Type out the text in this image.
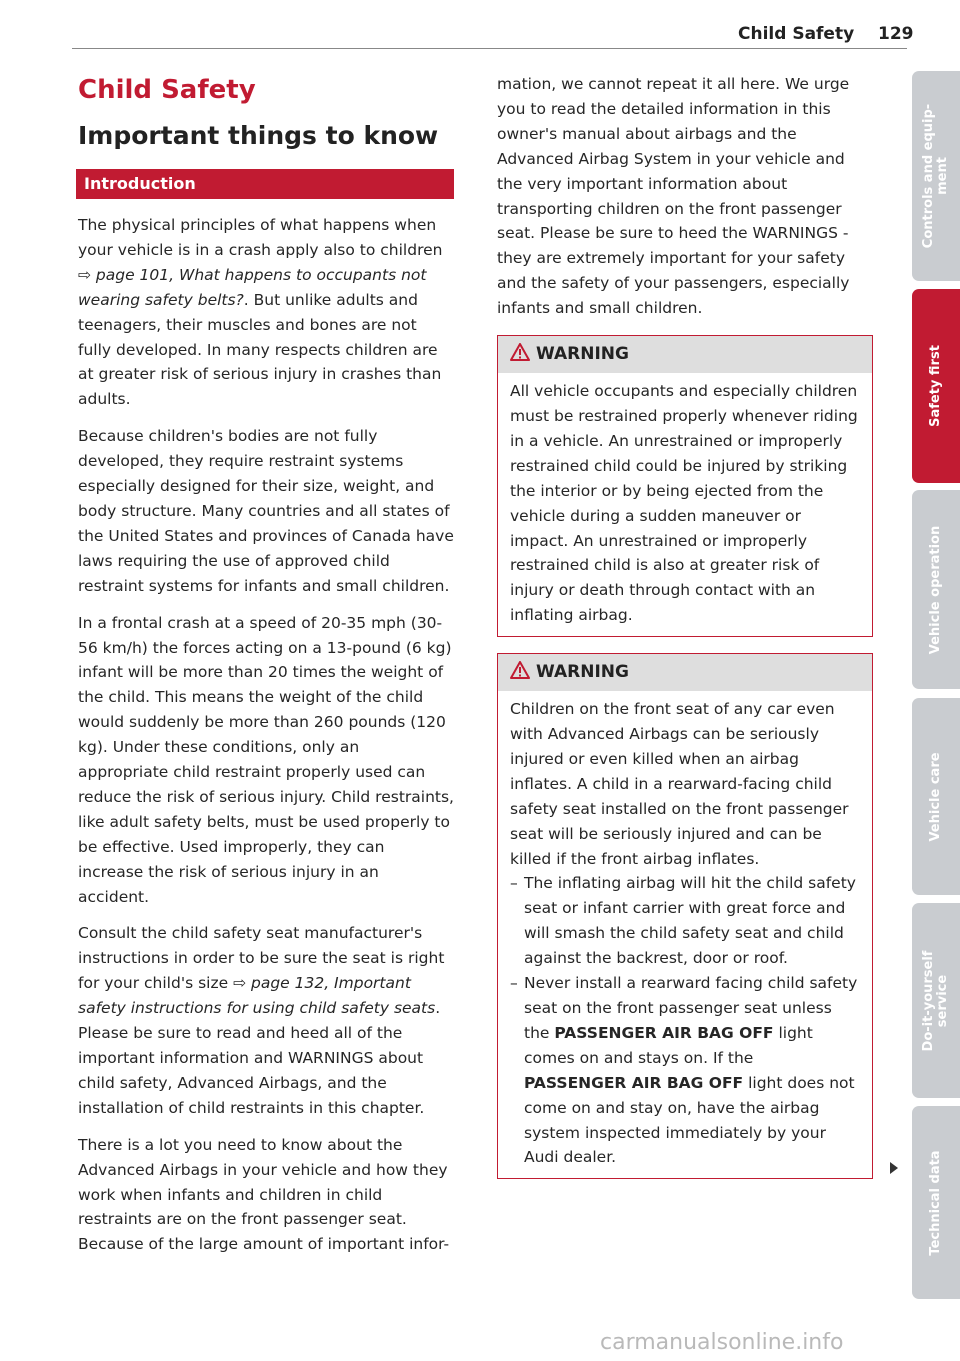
Child Safety 129
Child Safety
Important things to know
Introduction

The physical principles of what happens when your vehicle is in a crash apply also to children ⇨ page 101, What happens to occupants not wearing safety belts?. But unlike adults and teenagers, their muscles and bones are not fully developed. In many respects children are at greater risk of serious injury in crashes than adults.

Because children's bodies are not fully developed, they require restraint systems especially designed for their size, weight, and body structure. Many countries and all states of the United States and provinces of Canada have laws requiring the use of approved child restraint systems for infants and small children.

In a frontal crash at a speed of 20-35 mph (30-56 km/h) the forces acting on a 13-pound (6 kg) infant will be more than 20 times the weight of the child. This means the weight of the child would suddenly be more than 260 pounds (120 kg). Under these conditions, only an appropriate child restraint properly used can reduce the risk of serious injury. Child restraints, like adult safety belts, must be used properly to be effective. Used improperly, they can increase the risk of serious injury in an accident.

Consult the child safety seat manufacturer's instructions in order to be sure the seat is right for your child's size ⇨ page 132, Important safety instructions for using child safety seats. Please be sure to read and heed all of the important information and WARNINGS about child safety, Advanced Airbags, and the installation of child restraints in this chapter.

There is a lot you need to know about the Advanced Airbags in your vehicle and how they work when infants and children in child restraints are on the front passenger seat. Because of the large amount of important infor-

mation, we cannot repeat it all here. We urge you to read the detailed information in this owner's manual about airbags and the Advanced Airbag System in your vehicle and the very important information about transporting children on the front passenger seat. Please be sure to heed the WARNINGS - they are extremely important for your safety and the safety of your passengers, especially infants and small children.

WARNING

All vehicle occupants and especially children must be restrained properly whenever riding in a vehicle. An unrestrained or improperly restrained child could be injured by striking the interior or by being ejected from the vehicle during a sudden maneuver or impact. An unrestrained or improperly restrained child is also at greater risk of injury or death through contact with an inflating airbag.

WARNING

Children on the front seat of any car even with Advanced Airbags can be seriously injured or even killed when an airbag inflates. A child in a rearward-facing child safety seat installed on the front passenger seat will be seriously injured and can be killed if the front airbag inflates.

– The inflating airbag will hit the child safety seat or infant carrier with great force and will smash the child safety seat and child against the backrest, door or roof.
– Never install a rearward facing child safety seat on the front passenger seat unless the PASSENGER AIR BAG OFF light comes on and stays on. If the PASSENGER AIR BAG OFF light does not come on and stay on, have the airbag system inspected immediately by your Audi dealer.
Controls and equip- ment
Safety first
Vehicle operation
Vehicle care
Do-it-yourself service
Technical data
carmanualsonline.info
